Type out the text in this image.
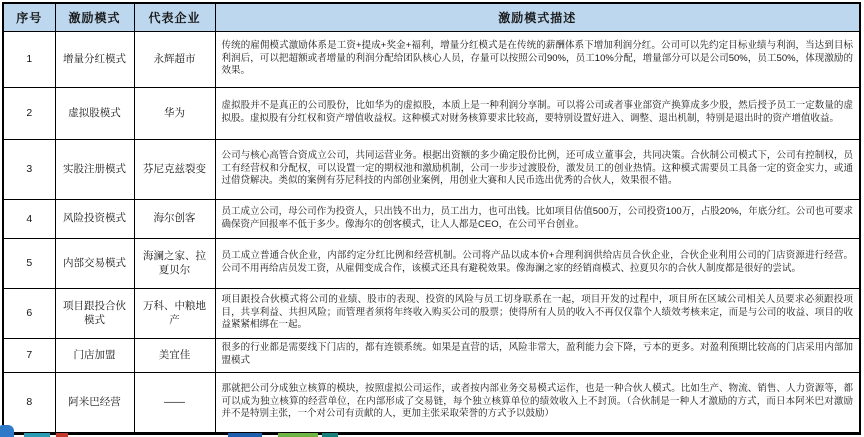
序号	激励模式	代表企业	激励模式描述
1	增量分红模式	永辉超市	传统的雇佣模式激励体系是工资+提成+奖金+福利，增量分红模式是在传统的薪酬体系下增加利润分红。公司可以先约定目标业绩与利润，当达到目标利润后，可以把超额或者增量的利润分配给团队核心人员，存量可以按照公司90%，员工10%分配，增量部分可以是公司50%，员工50%，体现激励的效果。
2	虚拟股模式	华为	虚拟股并不是真正的公司股份，比如华为的虚拟股，本质上是一种利润分享制。可以将公司或者事业部资产换算成多少股，然后授予员工一定数量的虚拟股。虚拟股有分红权和资产增值收益权。这种模式对财务核算要求比较高，要特别设置好进入、调整、退出机制，特别是退出时的资产增值收益。
3	实股注册模式	芬尼克兹裂变	公司与核心高管合资成立公司，共同运营业务。根据出资额的多少确定股份比例，还可成立董事会，共同决策。合伙制公司模式下，公司有控制权，员工有经营权和分配权，可以设置一定的期权池和激励机制，公司一步步过渡股份，激发员工的创业热情。这种模式需要员工具备一定的资金实力，或通过借贷解决。类似的案例有芬尼科技的内部创业案例，用创业大赛和人民币选出优秀的合伙人，效果很不错。
4	风险投资模式	海尔创客	员工成立公司，母公司作为投资人，只出钱不出力，员工出力，也可出钱。比如项目估值500万，公司投资100万，占股20%，年底分红。公司也可要求确保资产回报率不低于多少。像海尔的创客模式，让人人都是CEO，在公司平台创业。
5	内部交易模式	海澜之家、拉夏贝尔	员工成立普通合伙企业，内部约定分红比例和经营机制。公司将产品以成本价+合理利润供给店员合伙企业，合伙企业利用公司的门店资源进行经营。公司不用再给店员发工资，从雇佣变成合作，该模式还具有避税效果。像海澜之家的经销商模式、拉夏贝尔的合伙人制度都是很好的尝试。
6	项目跟投合伙模式	万科、中粮地产	项目跟投合伙模式将公司的业绩、股市的表现、投资的风险与员工切身联系在一起，项目开发的过程中，项目所在区域公司相关人员要求必须跟投项目，共享利益、共担风险；而管理者须将年终收入购买公司的股票；使得所有人员的收入不再仅仅靠个人绩效考核来定，而是与公司的收益、项目的收益紧紧相绑在一起。
7	门店加盟	美宜佳	很多的行业都是需要线下门店的，都有连锁系统。如果是直营的话，风险非常大，盈利能力会下降，亏本的更多。对盈利预期比较高的门店采用内部加盟模式
8	阿米巴经营	——	那就把公司分成独立核算的模块，按照虚拟公司运作，或者按内部业务交易模式运作，也是一种合伙人模式。比如生产、物流、销售、人力资源等，都可以成为独立核算的经营单位，在内部形成了交易链，每个独立核算单位的绩效收入上不封顶。（合伙制是一种人才激励的方式，而日本阿米巴对激励并不是特别主张，一个对公司有贡献的人，更加主张采取荣誉的方式予以鼓励）
